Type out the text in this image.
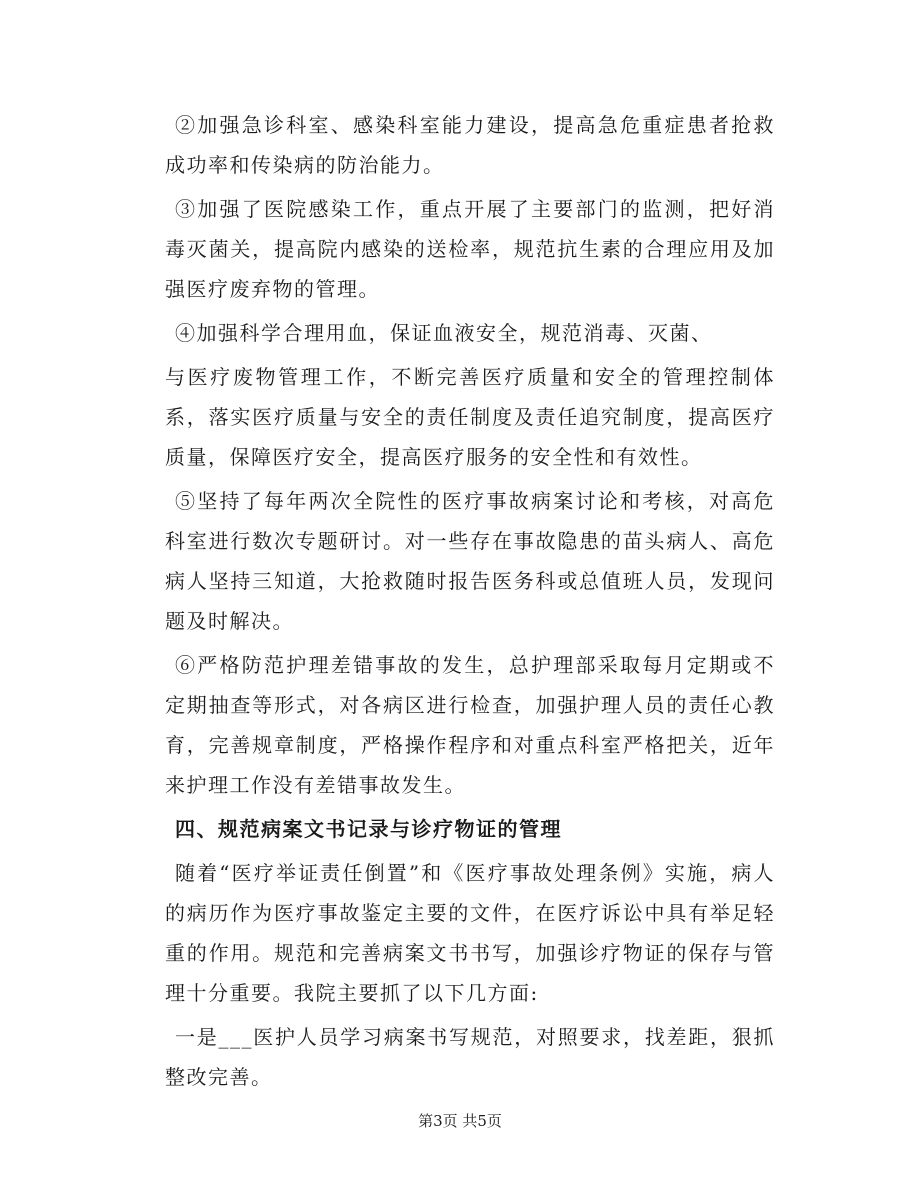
②加强急诊科室、感染科室能力建设，提高急危重症患者抢救成功率和传染病的防治能力。

③加强了医院感染工作，重点开展了主要部门的监测，把好消毒灭菌关，提高院内感染的送检率，规范抗生素的合理应用及加强医疗废弃物的管理。

④加强科学合理用血，保证血液安全，规范消毒、灭菌、

与医疗废物管理工作，不断完善医疗质量和安全的管理控制体系，落实医疗质量与安全的责任制度及责任追究制度，提高医疗质量，保障医疗安全，提高医疗服务的安全性和有效性。

⑤坚持了每年两次全院性的医疗事故病案讨论和考核，对高危科室进行数次专题研讨。对一些存在事故隐患的苗头病人、高危病人坚持三知道，大抢救随时报告医务科或总值班人员，发现问题及时解决。

⑥严格防范护理差错事故的发生，总护理部采取每月定期或不定期抽查等形式，对各病区进行检查，加强护理人员的责任心教育，完善规章制度，严格操作程序和对重点科室严格把关，近年来护理工作没有差错事故发生。

四、规范病案文书记录与诊疗物证的管理

随着“医疗举证责任倒置”和《医疗事故处理条例》实施，病人的病历作为医疗事故鉴定主要的文件，在医疗诉讼中具有举足轻重的作用。规范和完善病案文书书写，加强诊疗物证的保存与管理十分重要。我院主要抓了以下几方面:

一是___医护人员学习病案书写规范，对照要求，找差距，狠抓整改完善。

第3页 共5页
